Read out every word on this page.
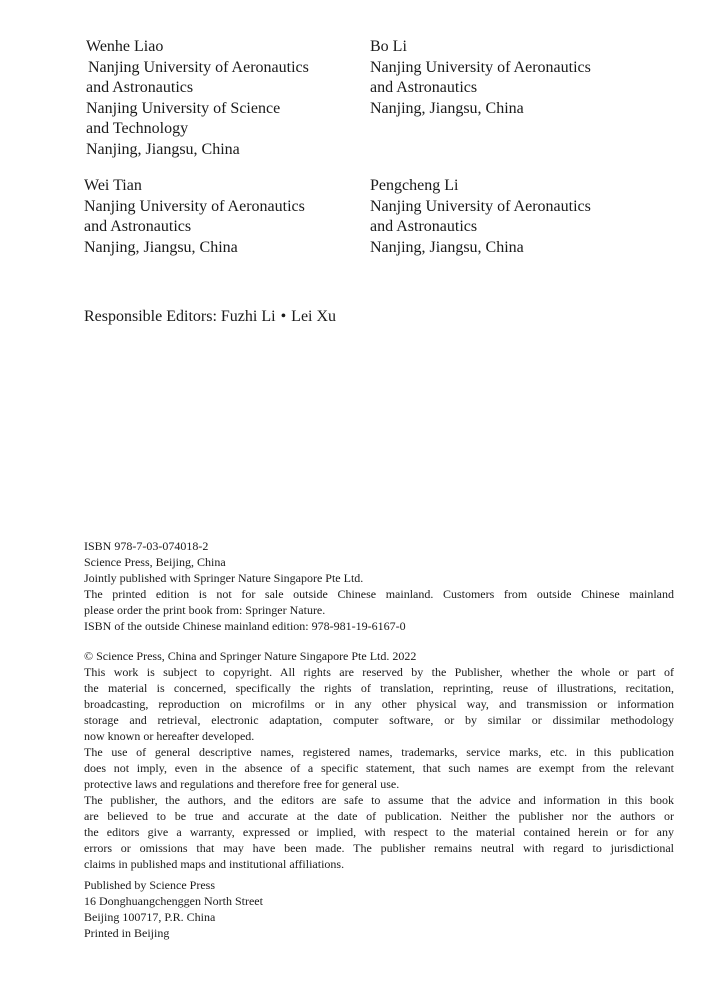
Wenhe Liao
Nanjing University of Aeronautics
and Astronautics
Nanjing University of Science
and Technology
Nanjing, Jiangsu, China
Bo Li
Nanjing University of Aeronautics
and Astronautics
Nanjing, Jiangsu, China
Wei Tian
Nanjing University of Aeronautics
and Astronautics
Nanjing, Jiangsu, China
Pengcheng Li
Nanjing University of Aeronautics
and Astronautics
Nanjing, Jiangsu, China
Responsible Editors: Fuzhi Li • Lei Xu
ISBN 978-7-03-074018-2
Science Press, Beijing, China
Jointly published with Springer Nature Singapore Pte Ltd.
The printed edition is not for sale outside Chinese mainland. Customers from outside Chinese mainland
please order the print book from: Springer Nature.
ISBN of the outside Chinese mainland edition: 978-981-19-6167-0
© Science Press, China and Springer Nature Singapore Pte Ltd. 2022
This work is subject to copyright. All rights are reserved by the Publisher, whether the whole or part of
the material is concerned, specifically the rights of translation, reprinting, reuse of illustrations, recitation,
broadcasting, reproduction on microfilms or in any other physical way, and transmission or information
storage and retrieval, electronic adaptation, computer software, or by similar or dissimilar methodology
now known or hereafter developed.
The use of general descriptive names, registered names, trademarks, service marks, etc. in this publication
does not imply, even in the absence of a specific statement, that such names are exempt from the relevant
protective laws and regulations and therefore free for general use.
The publisher, the authors, and the editors are safe to assume that the advice and information in this book
are believed to be true and accurate at the date of publication. Neither the publisher nor the authors or
the editors give a warranty, expressed or implied, with respect to the material contained herein or for any
errors or omissions that may have been made. The publisher remains neutral with regard to jurisdictional
claims in published maps and institutional affiliations.
Published by Science Press
16 Donghuangchenggen North Street
Beijing 100717, P.R. China
Printed in Beijing
